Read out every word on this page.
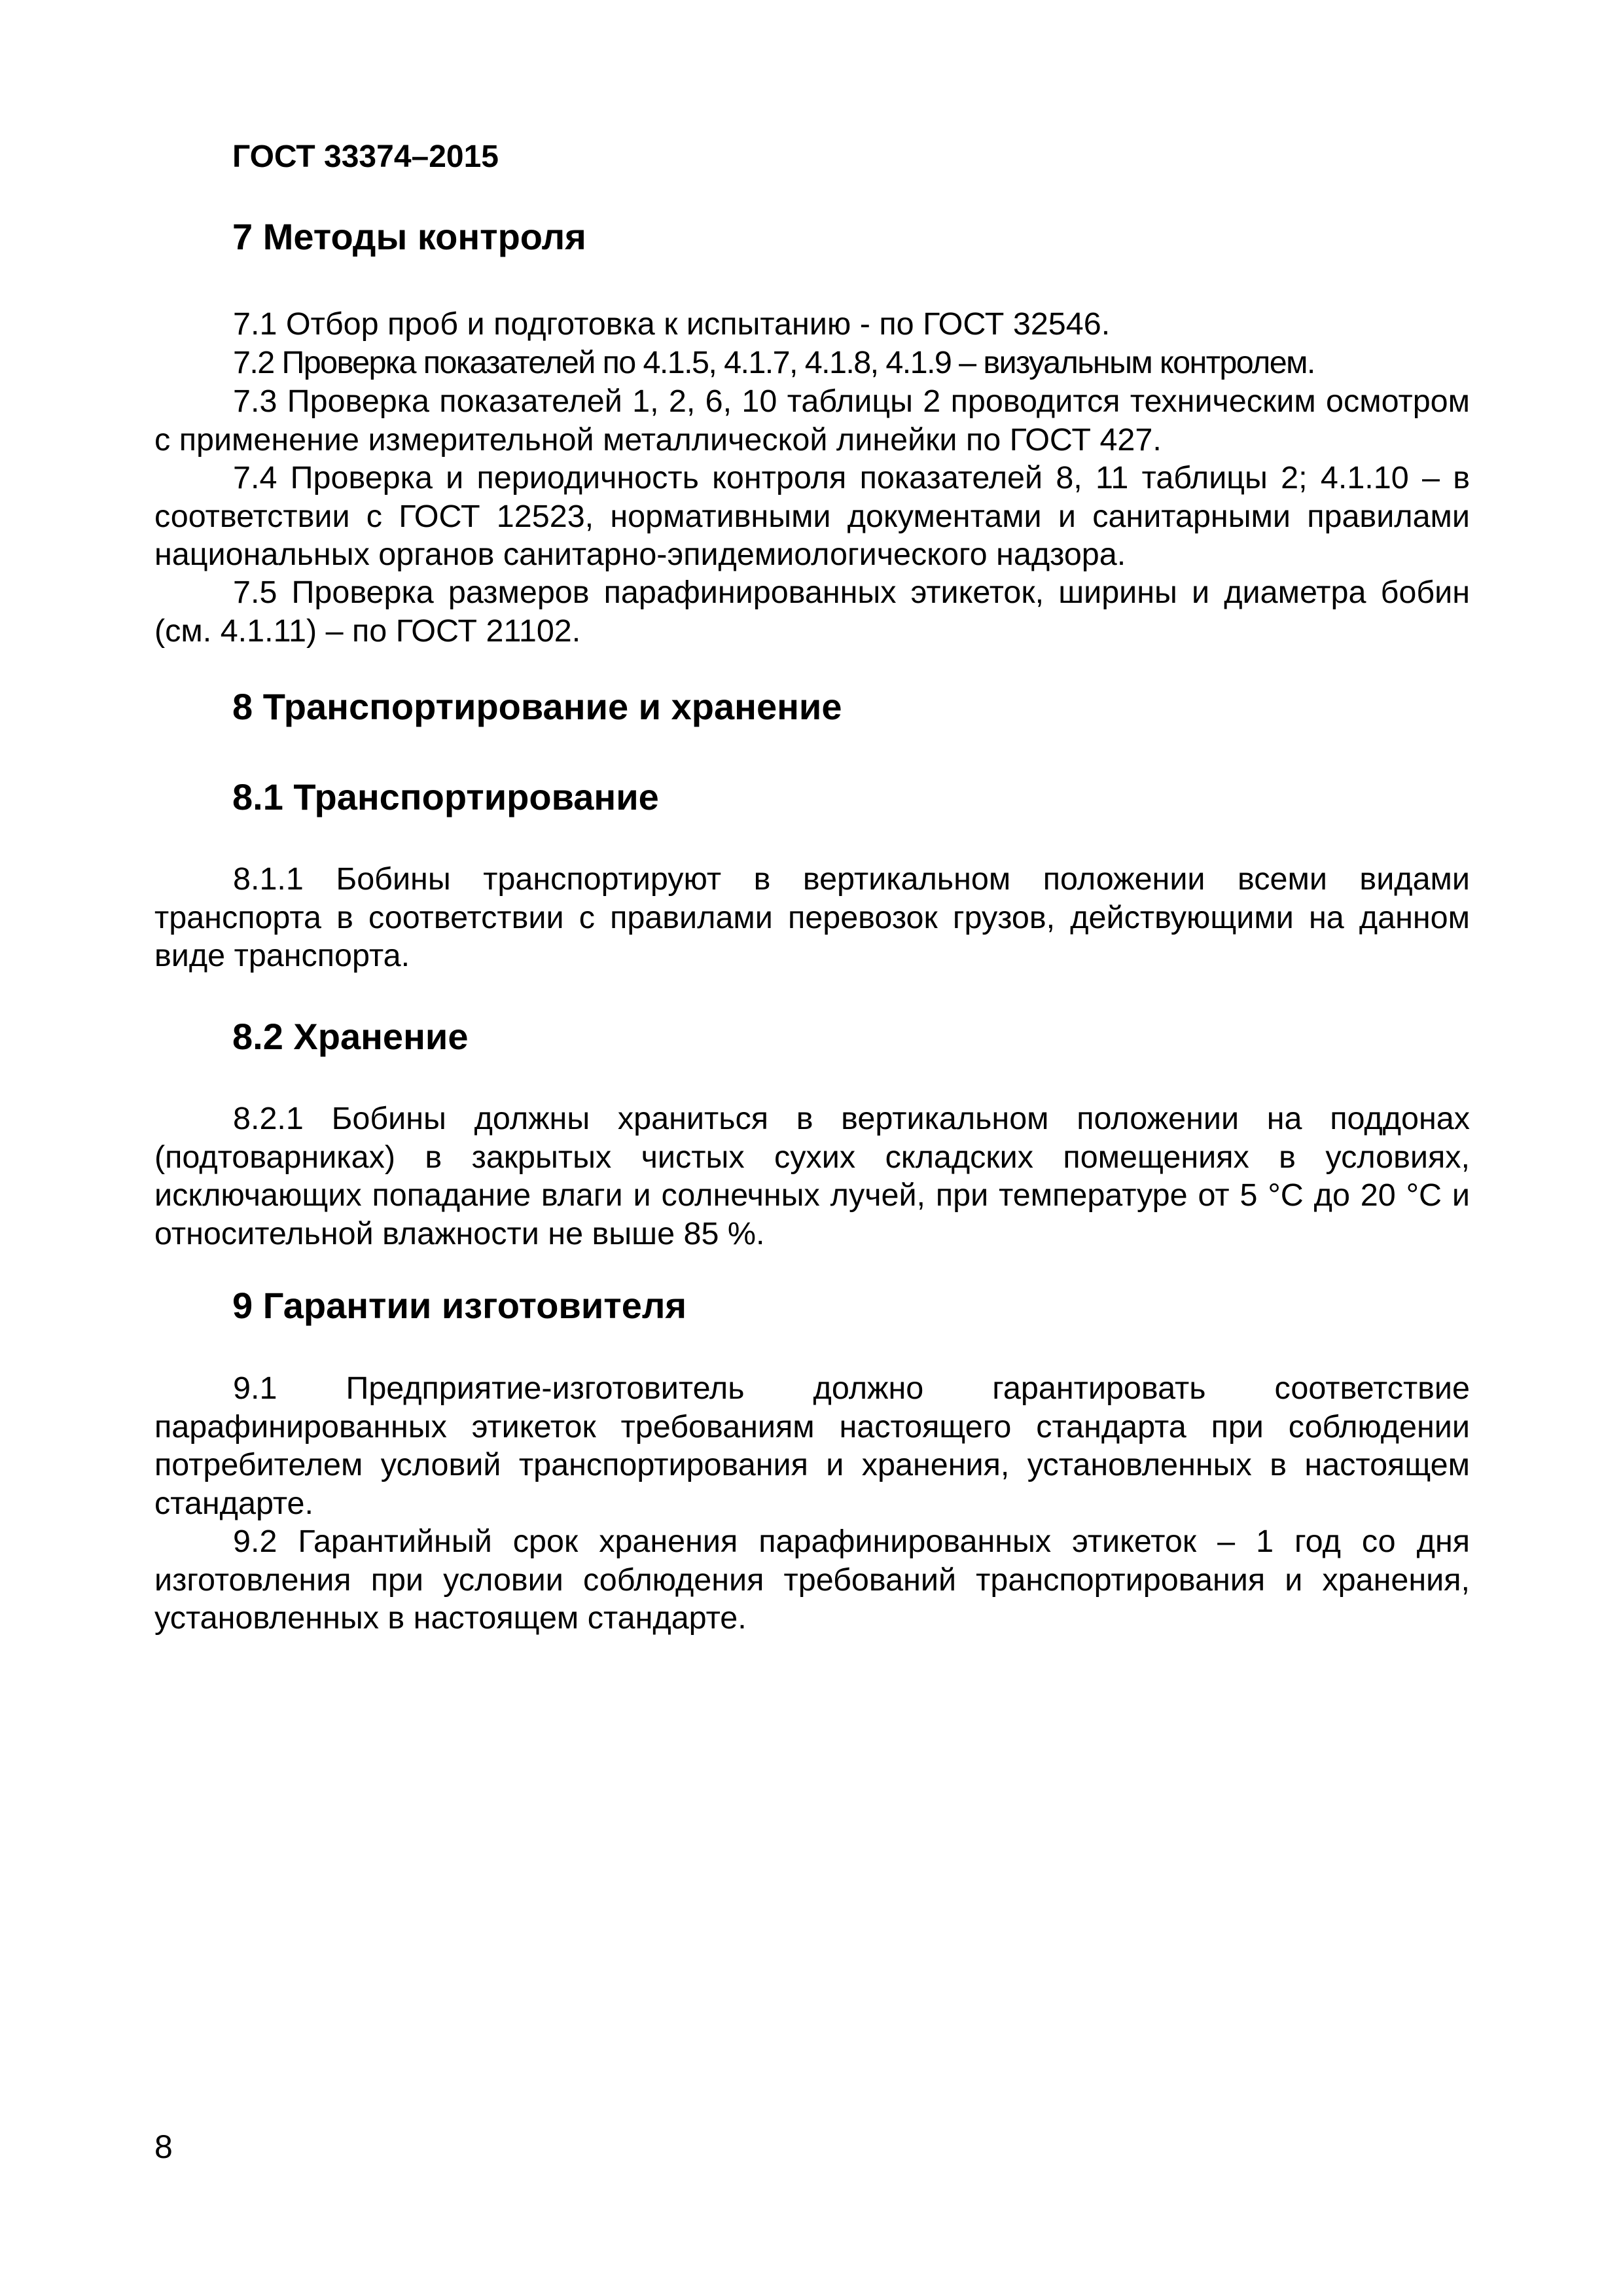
ГОСТ 33374–2015
7 Методы контроля

7.1 Отбор проб и подготовка к испытанию - по ГОСТ 32546.

7.2 Проверка показателей по 4.1.5, 4.1.7, 4.1.8, 4.1.9 – визуальным контролем.

7.3 Проверка показателей 1, 2, 6, 10 таблицы 2 проводится техническим осмотром с применение измерительной металлической линейки по ГОСТ 427.

7.4 Проверка и периодичность контроля показателей 8, 11 таблицы 2; 4.1.10 – в соответствии с ГОСТ 12523, нормативными документами и санитарными правилами национальных органов санитарно-эпидемиологического надзора.

7.5 Проверка размеров парафинированных этикеток, ширины и диаметра бобин (см. 4.1.11) – по ГОСТ 21102.

8 Транспортирование и хранение
8.1 Транспортирование

8.1.1 Бобины транспортируют в вертикальном положении всеми видами транспорта в соответствии с правилами перевозок грузов, действующими на данном виде транспорта.

8.2 Хранение

8.2.1 Бобины должны храниться в вертикальном положении на поддонах (подтоварниках) в закрытых чистых сухих складских помещениях в условиях, исключающих попадание влаги и солнечных лучей, при температуре от 5 °С до 20 °С и относительной влажности не выше 85 %.

9 Гарантии изготовителя

9.1 Предприятие-изготовитель должно гарантировать соответствие парафинированных этикеток требованиям настоящего стандарта при соблюдении потребителем условий транспортирования и хранения, установленных в настоящем стандарте.

9.2 Гарантийный срок хранения парафинированных этикеток – 1 год со дня изготовления при условии соблюдения требований транспортирования и хранения, установленных в настоящем стандарте.

8
